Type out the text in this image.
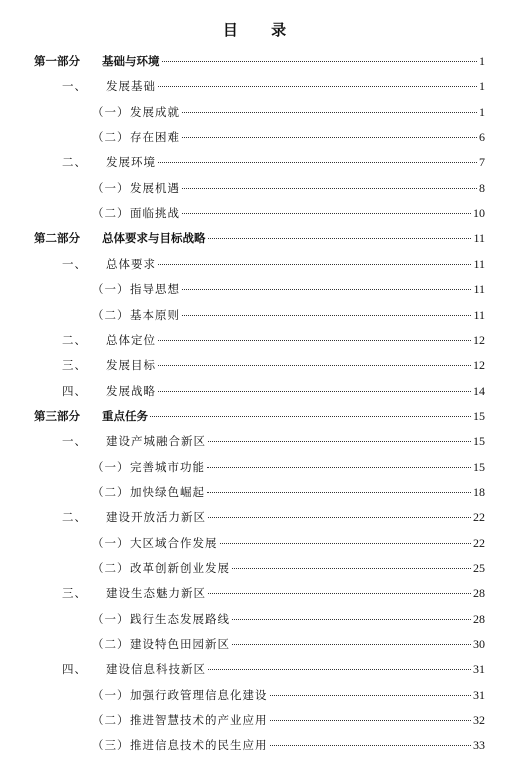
目 录
第一部分	基础与环境	1
一、	发展基础	1
（一） 发展成就	1
（二） 存在困难	6
二、	发展环境	7
（一） 发展机遇	8
（二） 面临挑战	10
第二部分	总体要求与目标战略	11
一、	总体要求	11
（一） 指导思想	11
（二） 基本原则	11
二、	总体定位	12
三、	发展目标	12
四、	发展战略	14
第三部分	重点任务	15
一、	建设产城融合新区	15
（一） 完善城市功能	15
（二） 加快绿色崛起	18
二、	建设开放活力新区	22
（一） 大区域合作发展	22
（二） 改革创新创业发展	25
三、	建设生态魅力新区	28
（一） 践行生态发展路线	28
（二） 建设特色田园新区	30
四、	建设信息科技新区	31
（一） 加强行政管理信息化建设	31
（二） 推进智慧技术的产业应用	32
（三） 推进信息技术的民生应用	33
